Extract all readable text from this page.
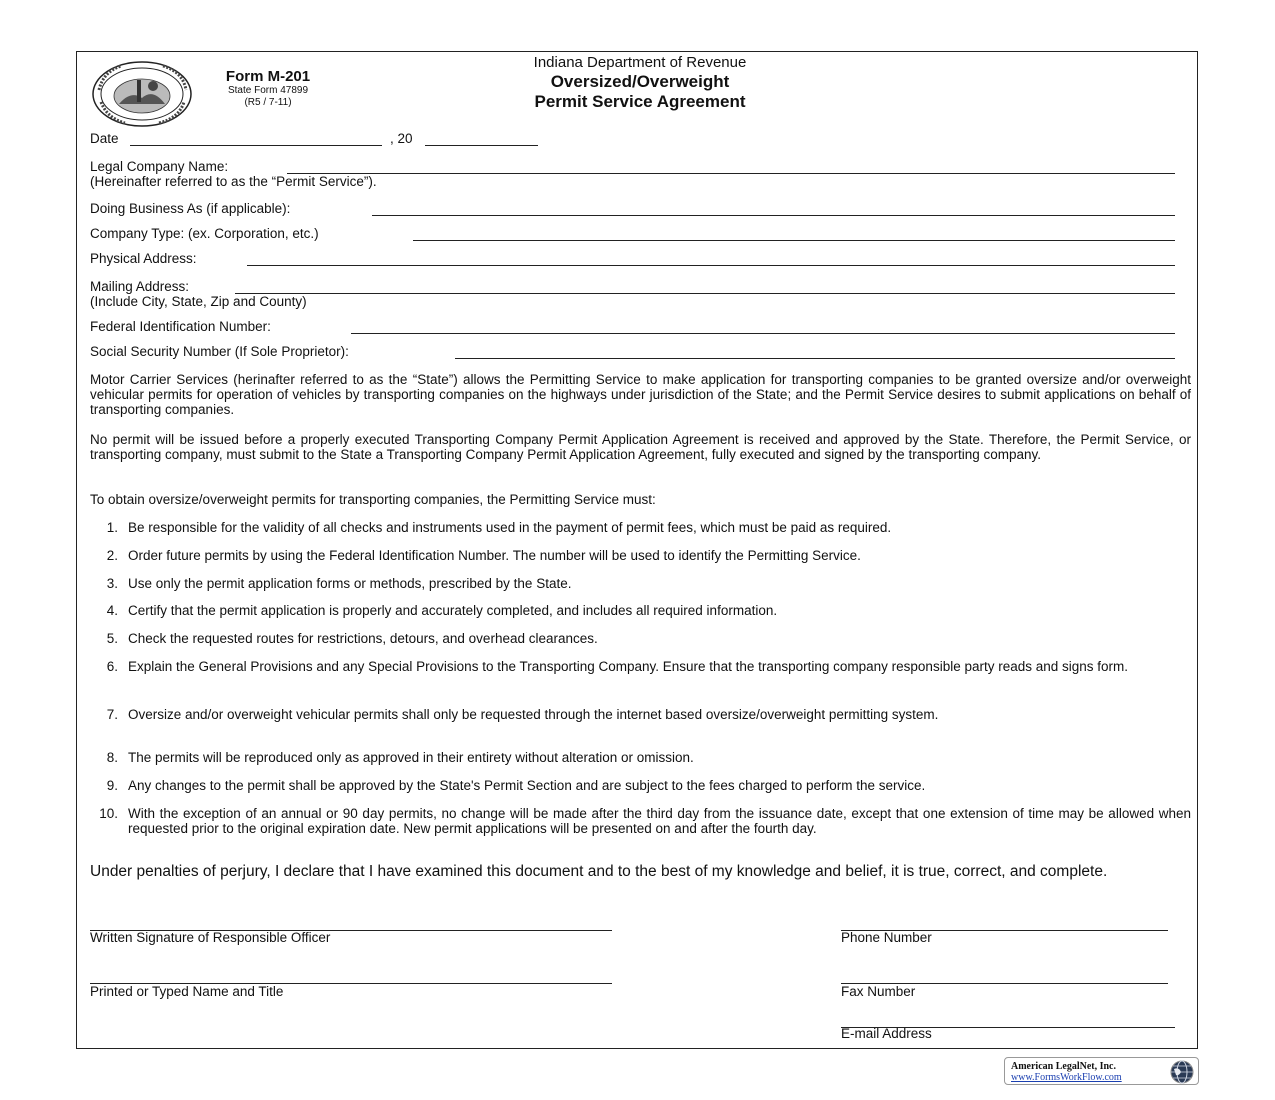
Form M-201
State Form 47899
(R5 / 7-11)
Indiana Department of Revenue
Oversized/Overweight
Permit Service Agreement
Date	, 20
Legal Company Name:
(Hereinafter referred to as the “Permit Service”).
Doing Business As (if applicable):
Company Type: (ex. Corporation, etc.)
Physical Address:
Mailing Address:
(Include City, State, Zip and County)
Federal Identification Number:
Social Security Number (If Sole Proprietor):
Motor Carrier Services (herinafter referred to as the “State”) allows the Permitting Service to make application for transporting companies to be granted oversize and/or overweight vehicular permits for operation of vehicles by transporting companies on the highways under jurisdiction of the State; and the Permit Service desires to submit applications on behalf of transporting companies.
No permit will be issued before a properly executed Transporting Company Permit Application Agreement is received and approved by the State. Therefore, the Permit Service, or transporting company, must submit to the State a Transporting Company Permit Application Agreement, fully executed and signed by the transporting company.
To obtain oversize/overweight permits for transporting companies, the Permitting Service must:
1. Be responsible for the validity of all checks and instruments used in the payment of permit fees, which must be paid as required.
2. Order future permits by using the Federal Identification Number. The number will be used to identify the Permitting Service.
3. Use only the permit application forms or methods, prescribed by the State.
4. Certify that the permit application is properly and accurately completed, and includes all required information.
5. Check the requested routes for restrictions, detours, and overhead clearances.
6. Explain the General Provisions and any Special Provisions to the Transporting Company. Ensure that the transporting company responsible party reads and signs form.
7. Oversize and/or overweight vehicular permits shall only be requested through the internet based oversize/overweight permitting system.
8. The permits will be reproduced only as approved in their entirety without alteration or omission.
9. Any changes to the permit shall be approved by the State's Permit Section and are subject to the fees charged to perform the service.
10. With the exception of an annual or 90 day permits, no change will be made after the third day from the issuance date, except that one extension of time may be allowed when requested prior to the original expiration date. New permit applications will be presented on and after the fourth day.
Under penalties of perjury, I declare that I have examined this document and to the best of my knowledge and belief, it is true, correct, and complete.
Written Signature of Responsible Officer	Phone Number
Printed or Typed Name and Title	Fax Number
E-mail Address
American LegalNet, Inc.
www.FormsWorkFlow.com
